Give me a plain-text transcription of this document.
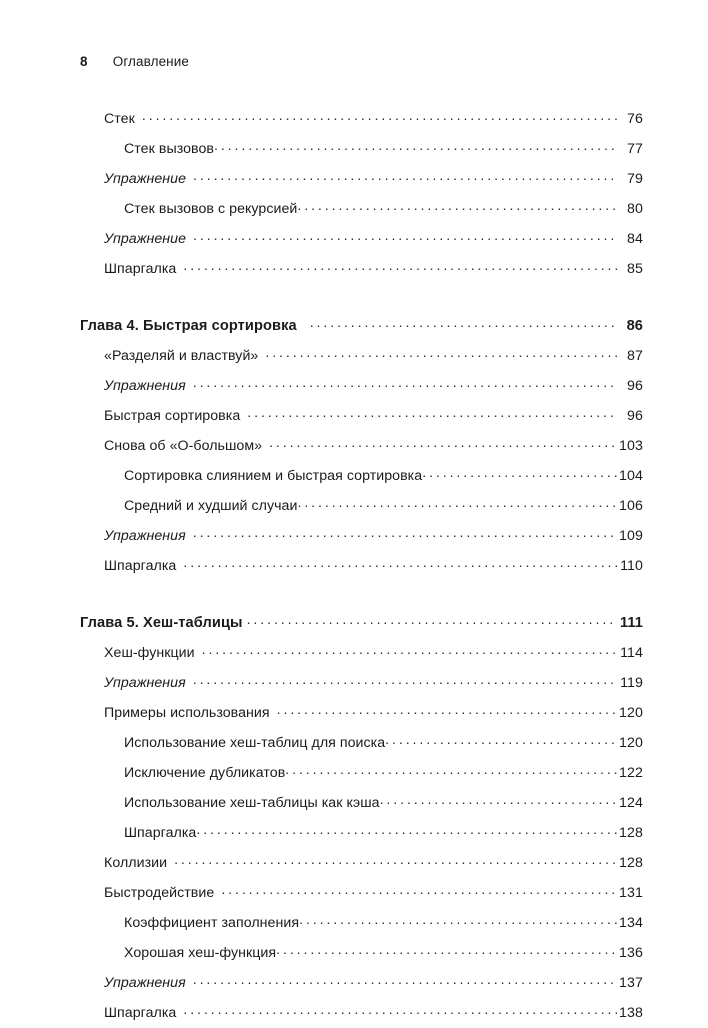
8 Оглавление
Стек .....	76
Стек вызовов .....	77
Упражнение .....	79
Стек вызовов с рекурсией .....	80
Упражнение .....	84
Шпаргалка .....	85
Глава 4. Быстрая сортировка .....	86
«Разделяй и властвуй» .....	87
Упражнения .....	96
Быстрая сортировка .....	96
Снова об «О-большом» .....	103
Сортировка слиянием и быстрая сортировка .....	104
Средний и худший случаи .....	106
Упражнения .....	109
Шпаргалка .....	110
Глава 5. Хеш-таблицы .....	111
Хеш-функции .....	114
Упражнения .....	119
Примеры использования .....	120
Использование хеш-таблиц для поиска .....	120
Исключение дубликатов .....	122
Использование хеш-таблицы как кэша .....	124
Шпаргалка .....	128
Коллизии .....	128
Быстродействие .....	131
Коэффициент заполнения .....	134
Хорошая хеш-функция .....	136
Упражнения .....	137
Шпаргалка .....	138
